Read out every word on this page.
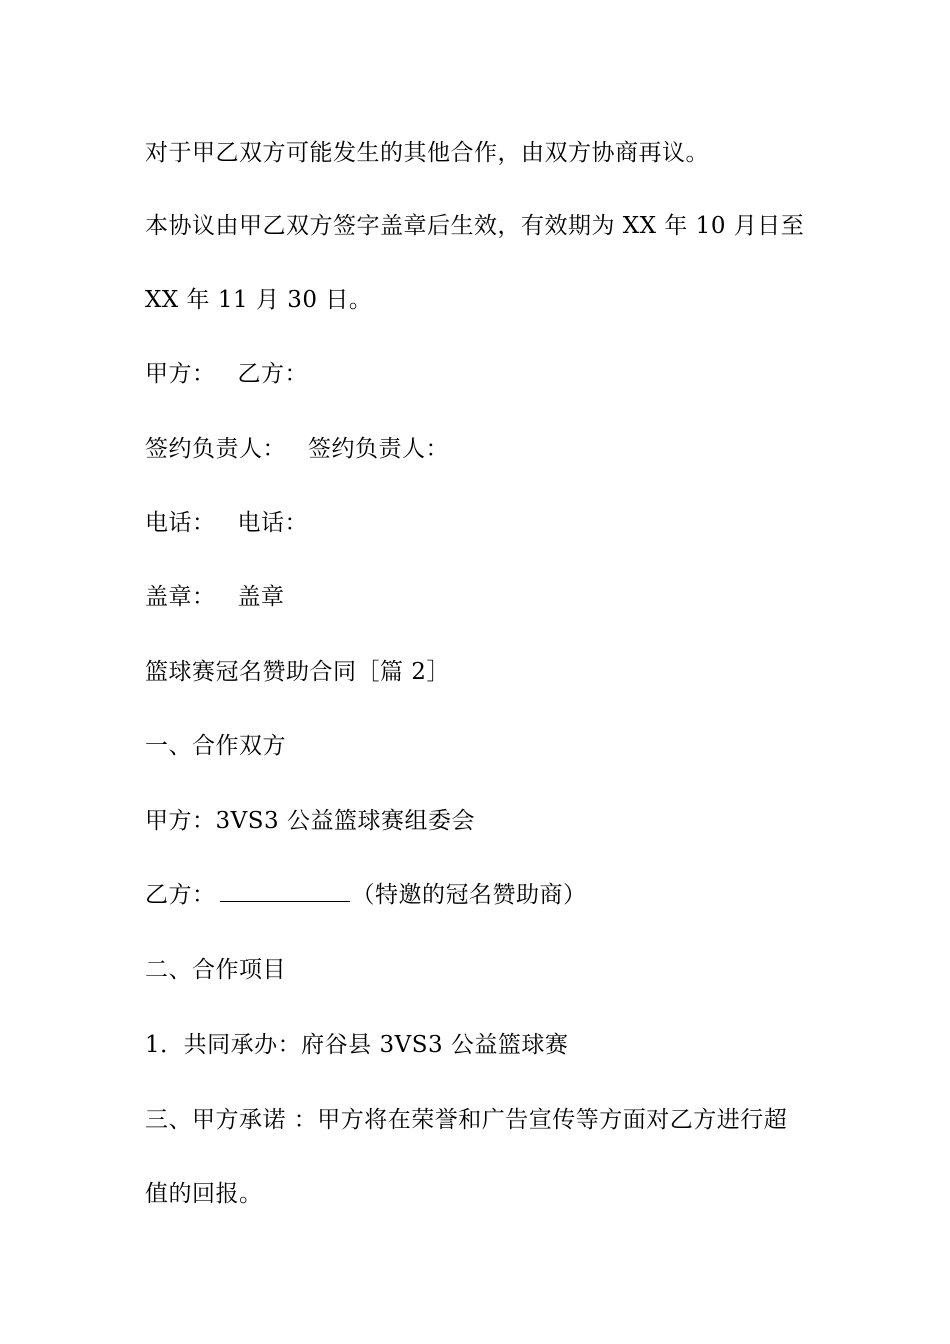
对于甲乙双方可能发生的其他合作，由双方协商再议。
本协议由甲乙双方签字盖章后生效，有效期为 XX 年 10 月日至
XX 年 11 月 30 日。
甲方： 乙方：
签约负责人： 签约负责人：
电话： 电话：
盖章： 盖章
篮球赛冠名赞助合同［篇 2］
一、合作双方
甲方：3VS3 公益篮球赛组委会
乙方：	（特邀的冠名赞助商）
二、合作项目
1．共同承办：府谷县 3VS3 公益篮球赛
三、甲方承诺 ：甲方将在荣誉和广告宣传等方面对乙方进行超
值的回报。
